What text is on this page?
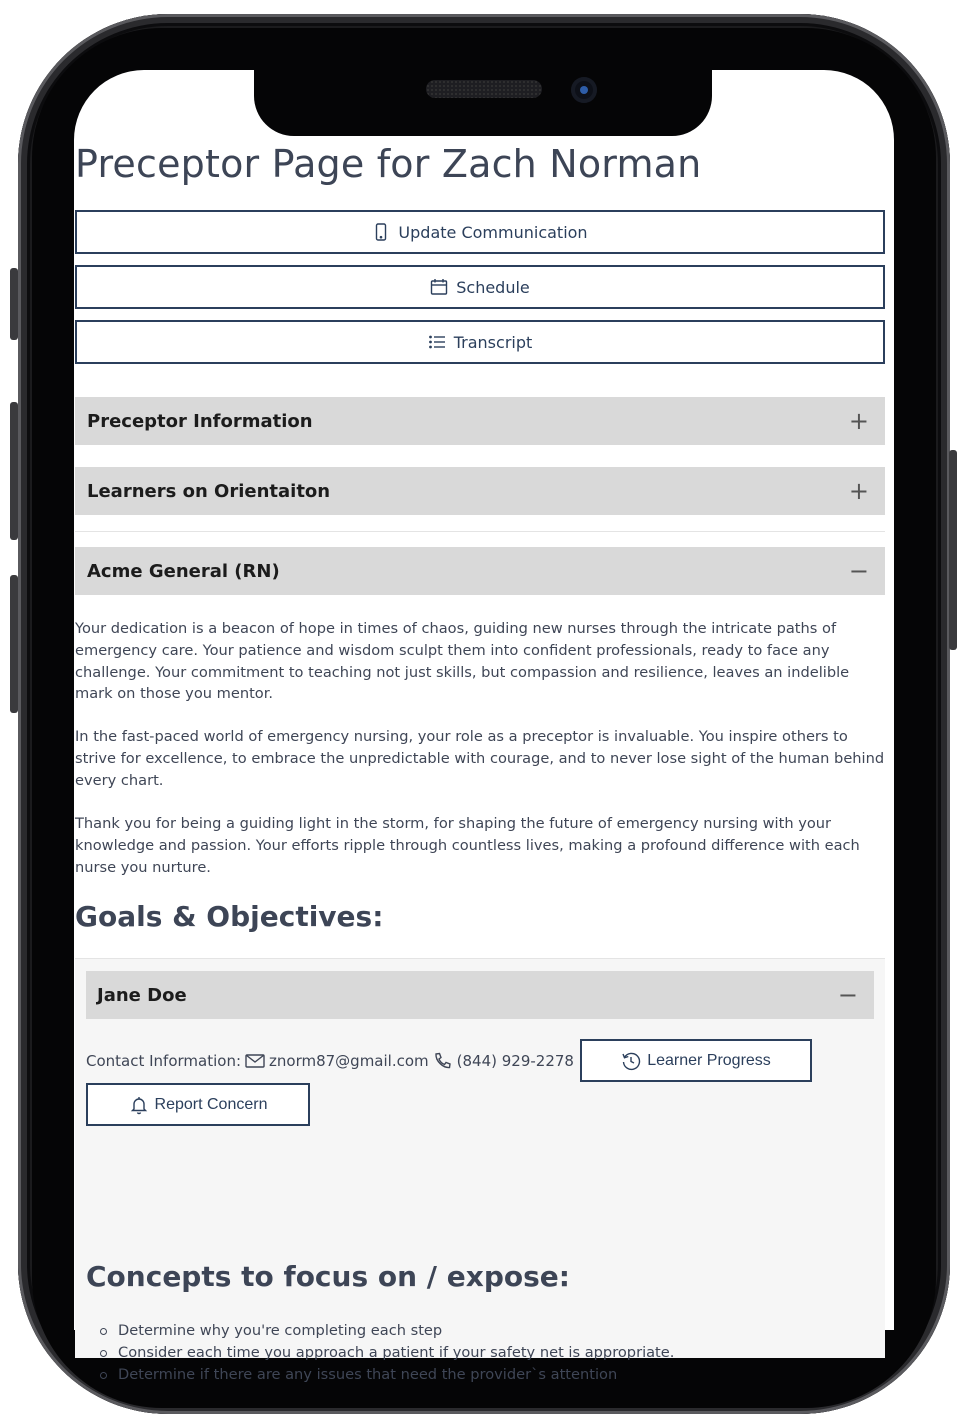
Preceptor Page for Zach Norman
Update Communication
Schedule
Transcript
Preceptor Information	+
Learners on Orientaiton	+
Acme General (RN)	−

Your dedication is a beacon of hope in times of chaos, guiding new nurses through the intricate paths of emergency care. Your patience and wisdom sculpt them into confident professionals, ready to face any challenge. Your commitment to teaching not just skills, but compassion and resilience, leaves an indelible mark on those you mentor.

In the fast-paced world of emergency nursing, your role as a preceptor is invaluable. You inspire others to strive for excellence, to embrace the unpredictable with courage, and to never lose sight of the human behind every chart.

Thank you for being a guiding light in the storm, for shaping the future of emergency nursing with your knowledge and passion. Your efforts ripple through countless lives, making a profound difference with each nurse you nurture.

Goals & Objectives:
Jane Doe	−
Contact Information: znorm87@gmail.com (844) 929-2278	Learner Progress
Report Concern
Concepts to focus on / expose:
Determine why you're completing each step
Consider each time you approach a patient if your safety net is appropriate.
Determine if there are any issues that need the provider`s attention
